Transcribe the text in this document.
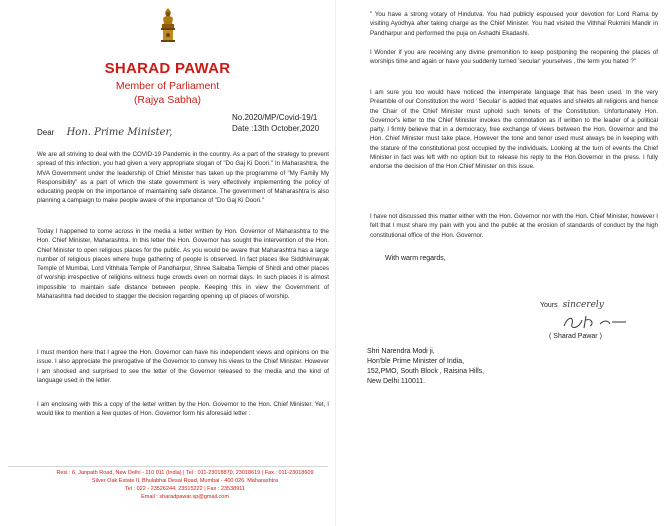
SHARAD PAWAR
Member of Parliament
(Rajya Sabha)
No.2020/MP/Covid-19/1
Date :13th October,2020
Dear Hon. Prime Minister,

We are all striving to deal with the COVID-19 Pandemic in the country. As a part of the strategy to prevent spread of this infection, you had given a very appropriate slogan of "Do Gaj Ki Doori." In Maharashtra, the MVA Government under the leadership of Chief Minister has taken up the programme of "My Family My Responsibility" as a part of which the state government is very effectively implementing the policy of educating people on the importance of maintaining safe distance. The government of Maharashtra is also planning a campaign to make people aware of the importance of "Do Gaj Ki Doori."

Today I happened to come across in the media a letter written by Hon. Governor of Maharashtra to the Hon. Chief Minister, Maharashtra. In this letter the Hon. Governor has sought the intervention of the Hon. Chief Minister to open religious places for the public. As you would be aware that Maharashtra has a large number of religious places where huge gathering of people is observed. In fact places like Siddhivinayak Temple of Mumbai, Lord Vithhala Temple of Pandharpur, Shree Saibaba Temple of Shirdi and other places of worship irrespective of religions witness huge crowds even on normal days. In such places it is almost impossible to maintain safe distance between people. Keeping this in view the Government of Maharashtra had decided to stagger the decision regarding opening up of places of worship.

I must mention here that I agree the Hon. Governor can have his independent views and opinions on the issue. I also appreciate the prerogative of the Governor to convey his views to the Chief Minister. However I am shocked and surprised to see the letter of the Governor released to the media and the kind of language used in the letter.

I am enclosing with this a copy of the letter written by the Hon. Governor to the Hon. Chief Minister. Yet, I would like to mention a few quotes of Hon. Governor form his aforesaid letter :

Resi : 6, Janpath Road, New Delhi - 110 011 (India) | Tel : 011-23018870, 23018619 | Fax : 011-23018609
Silver Oak Estate II, Bhulabhai Desai Road, Mumbai - 400 026. Maharashtra
Tel : 022 - 23526244, 23515222 | Fax : 23538911
Email : sharadpawar.sp@gmail.com

" You have a strong votary of Hindutva. You had publicly espoused your devotion for Lord Rama by visiting Ayodhya after taking charge as the Chief Minister. You had visited the Vithhal Rukmini Mandir in Pandharpur and performed the puja on Ashadhi Ekadashi.

I Wonder if you are receiving any divine premonition to keep postponing the reopening the places of worships time and again or have you suddenly turned 'secular' yourselves , the term you hated ?"

I am sure you too would have noticed the intemperate language that has been used. In the very Preamble of our Constitution the word ' Secular' is added that equates and shields all religions and hence the Chair of the Chief Minister must uphold such tenets of the Constitution. Unfortunately Hon. Governor's letter to the Chief Minister invokes the connotation as if written to the leader of a political party. I firmly believe that in a democracy, free exchange of views between the Hon. Governor and the Hon. Chief Minister must take place. However the tone and tenor used must always be in keeping with the stature of the constitutional post occupied by the individuals. Looking at the turn of events the Chief Minister in fact was left with no option but to release his reply to the Hon.Governor in the press. I fully endorse the decision of the Hon.Chief Minister on this issue.

I have not discussed this matter either with the Hon. Governor nor with the Hon. Chief Minister, however I felt that I must share my pain with you and the public at the erosion of standards of conduct by the high constitutional office of the Hon. Governor.

With warm regards,
Yours sincerely
( Sharad Pawar )
Shri Narendra Modi ji,
Hon'ble Prime Minister of India,
152,PMO, South Block , Raisina Hills,
New Delhi 110011.
